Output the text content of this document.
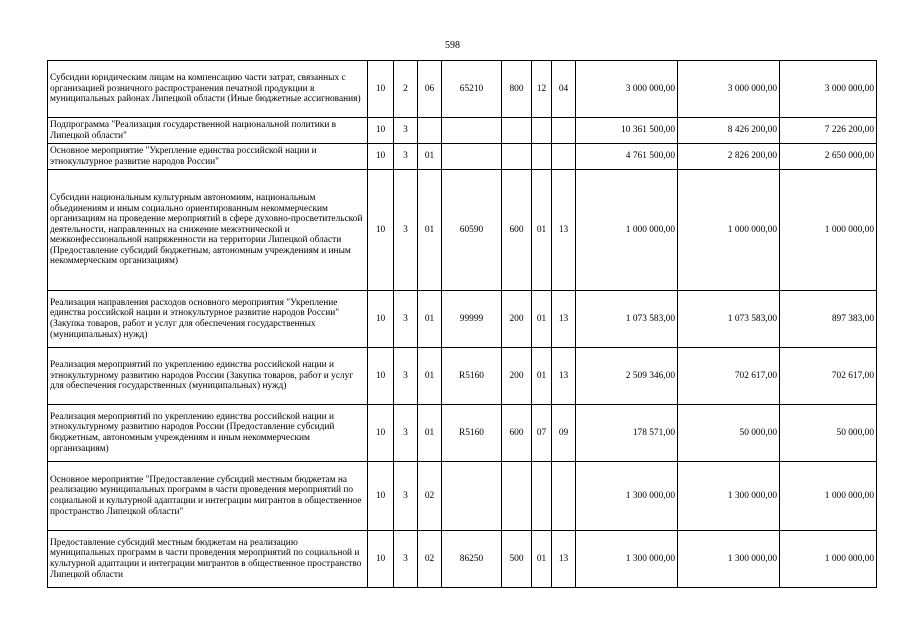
598
Субсидии юридическим лицам на компенсацию части затрат, связанных с организацией розничного распространения печатной продукции в муниципальных районах Липецкой области (Иные бюджетные ассигнования)	10	2	06	65210	800	12	04	3 000 000,00	3 000 000,00	3 000 000,00
Подпрограмма "Реализация государственной национальной политики в Липецкой области"	10	3						10 361 500,00	8 426 200,00	7 226 200,00
Основное мероприятие "Укрепление единства российской нации и этнокультурное развитие народов России"	10	3	01					4 761 500,00	2 826 200,00	2 650 000,00
Субсидии национальным культурным автономиям, национальным объединениям и иным социально ориентированным некоммерческим организациям на проведение мероприятий в сфере духовно-просветительской деятельности, направленных на снижение межэтнической и межконфессиональной напряженности на территории Липецкой области (Предоставление субсидий бюджетным, автономным учреждениям и иным некоммерческим организациям)	10	3	01	60590	600	01	13	1 000 000,00	1 000 000,00	1 000 000,00
Реализация направления расходов основного мероприятия "Укрепление единства российской нации и этнокультурное развитие народов России" (Закупка товаров, работ и услуг для обеспечения государственных (муниципальных) нужд)	10	3	01	99999	200	01	13	1 073 583,00	1 073 583,00	897 383,00
Реализация мероприятий по укреплению единства российской нации и этнокультурному развитию народов России (Закупка товаров, работ и услуг для обеспечения государственных (муниципальных) нужд)	10	3	01	R5160	200	01	13	2 509 346,00	702 617,00	702 617,00
Реализация мероприятий по укреплению единства российской нации и этнокультурному развитию народов России (Предоставление субсидий бюджетным, автономным учреждениям и иным некоммерческим организациям)	10	3	01	R5160	600	07	09	178 571,00	50 000,00	50 000,00
Основное мероприятие "Предоставление субсидий местным бюджетам на реализацию муниципальных программ в части проведения мероприятий по социальной и культурной адаптации и интеграции мигрантов в общественное пространство Липецкой области"	10	3	02					1 300 000,00	1 300 000,00	1 000 000,00
Предоставление субсидий местным бюджетам на реализацию муниципальных программ в части проведения мероприятий по социальной и культурной адаптации и интеграции мигрантов в общественное пространство Липецкой области	10	3	02	86250	500	01	13	1 300 000,00	1 300 000,00	1 000 000,00
